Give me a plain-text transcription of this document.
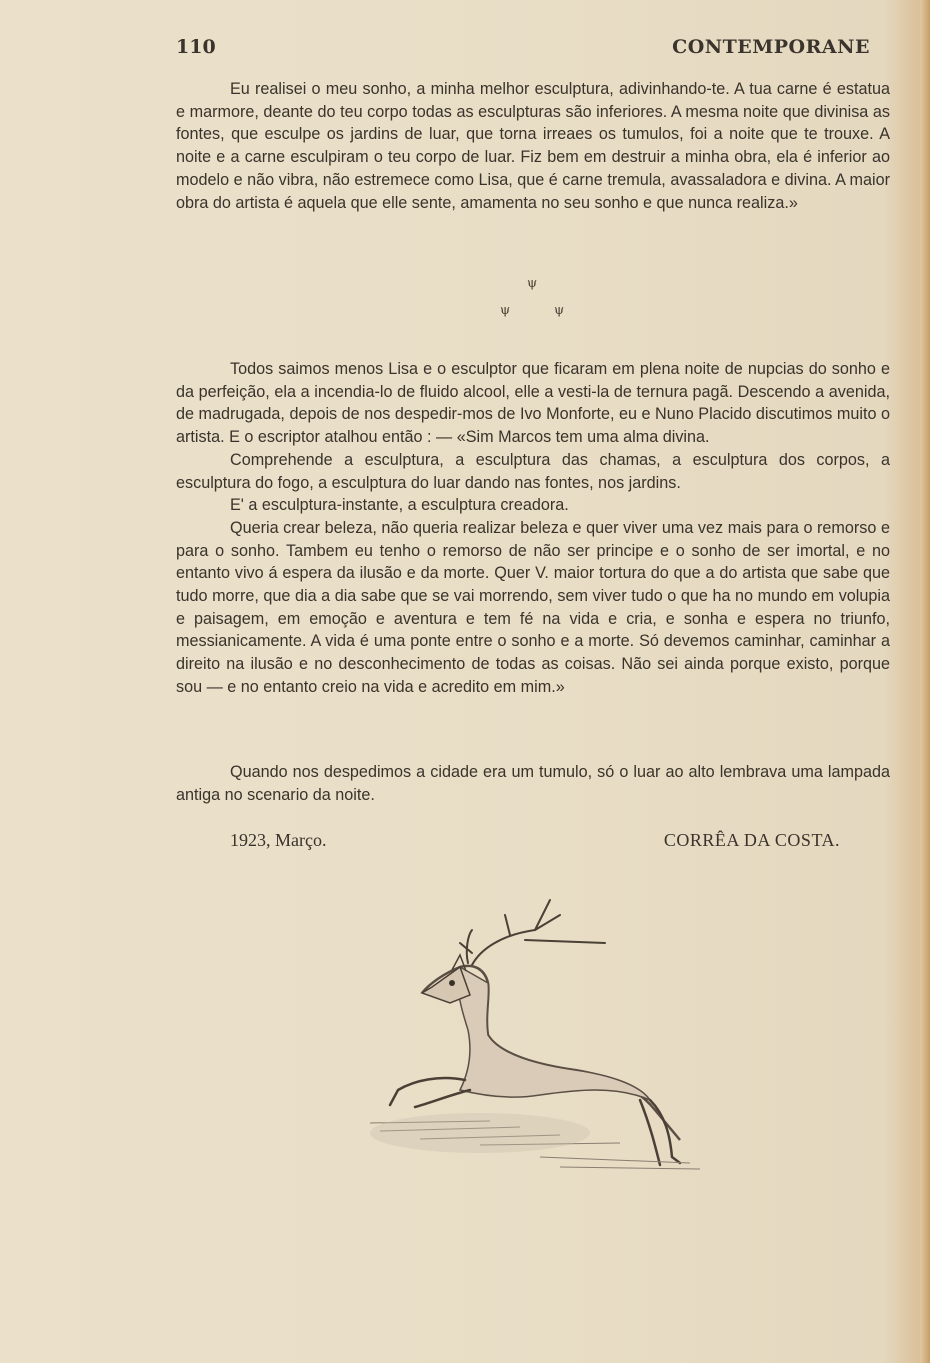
110	CONTEMPORANE

Eu realisei o meu sonho, a minha melhor esculptura, adivinhando-te. A tua carne é estatua e marmore, deante do teu corpo todas as esculpturas são inferiores. A mesma noite que divinisa as fontes, que esculpe os jardins de luar, que torna irreaes os tumulos, foi a noite que te trouxe. A noite e a carne esculpiram o teu corpo de luar. Fiz bem em destruir a minha obra, ela é inferior ao modelo e não vibra, não estremece como Lisa, que é carne tremula, avassaladora e divina. A maior obra do artista é aquela que elle sente, amamenta no seu sonho e que nunca realiza.»

ψ
ψ	ψ

Todos saimos menos Lisa e o esculptor que ficaram em plena noite de nupcias do sonho e da perfeição, ela a incendia-lo de fluido alcool, elle a vesti-la de ternura pagã. Descendo a avenida, de madrugada, depois de nos despedir-mos de Ivo Monforte, eu e Nuno Placido discutimos muito o artista. E o escriptor atalhou então : — «Sim Marcos tem uma alma divina.

Comprehende a esculptura, a esculptura das chamas, a esculptura dos corpos, a esculptura do fogo, a esculptura do luar dando nas fontes, nos jardins.

E' a esculptura-instante, a esculptura creadora.

Queria crear beleza, não queria realizar beleza e quer viver uma vez mais para o remorso e para o sonho. Tambem eu tenho o remorso de não ser principe e o sonho de ser imortal, e no entanto vivo á espera da ilusão e da morte. Quer V. maior tortura do que a do artista que sabe que tudo morre, que dia a dia sabe que se vai morrendo, sem viver tudo o que ha no mundo em volupia e paisagem, em emoção e aventura e tem fé na vida e cria, e sonha e espera no triunfo, messianicamente. A vida é uma ponte entre o sonho e a morte. Só devemos caminhar, caminhar a direito na ilusão e no desconhecimento de todas as coisas. Não sei ainda porque existo, porque sou — e no entanto creio na vida e acredito em mim.»

Quando nos despedimos a cidade era um tumulo, só o luar ao alto lembrava uma lampada antiga no scenario da noite.

1923, Março.	CORRÊA DA COSTA.
